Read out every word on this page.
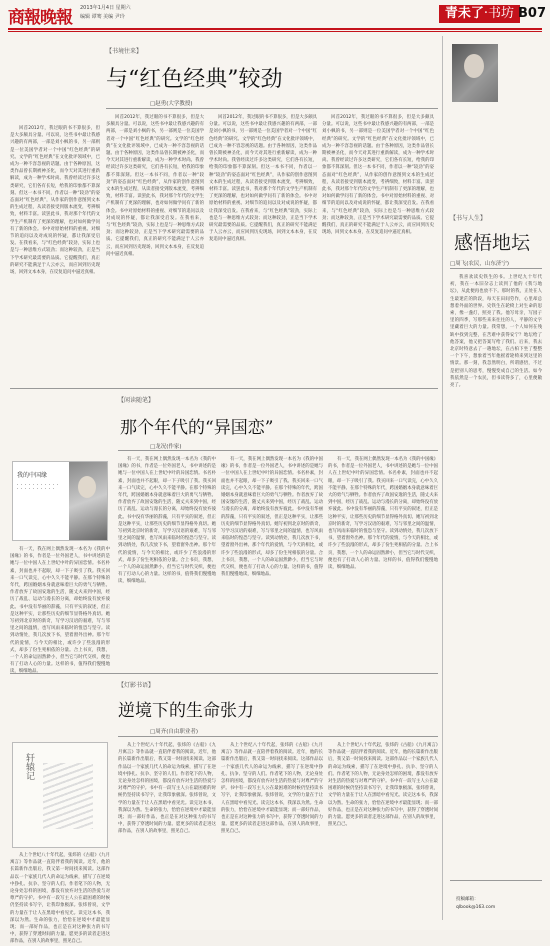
商報晚報 2013年1月4日 星期六
编辑 谭骞 美编 尹玲	青未了·书坊 B07
【书境往来】
与“红色经典”较劲
□赵勇(大学教授)
回首2012年，我过眼的书不算很多，但是大多颇具分量。可以说，这些书中最让我感兴趣的有两部，一部是刘小枫的书，另一部则是一位美国学者对一个中国“红色经典”的研究。文学的“红色经典”在文化批评领域中，已成为一种不容忽视的话题。由于各种原因，这类作品曾长期被神圣化，而今天对其进行重新解读，成为一种学术时尚。我曾经读过许多这类研究，它们各有长短，给我的印象都不算深刻。但这一本书不同，作者以一种“较劲”的姿态面对“红色经典”，从作家的创作意图到文本的生成过程，从读者接受到版本流变，考辨细致，材料丰富。读罢此书，我对那个年代的文学生产机制有了更深的理解，也对如何做学问有了新的体会。书中对原始材料的重视、对细节的追问以及对成说的怀疑，都让我深受启发。在我看来，与“红色经典”较劲，实际上也是与一种思维方式较劲；而这种较劲，正是当下学术研究最需要的品质。它提醒我们，真正的研究不能满足于人云亦云，而应回到历史现场，回到文本本身，在反复追问中逼近真相。
回首2012年，我过眼的书不算很多，但是大多颇具分量。可以说，这些书中最让我感兴趣的有两部，一部是刘小枫的书，另一部则是一位美国学者对一个中国“红色经典”的研究。文学的“红色经典”在文化批评领域中，已成为一种不容忽视的话题。由于各种原因，这类作品曾长期被神圣化，而今天对其进行重新解读，成为一种学术时尚。我曾经读过许多这类研究，它们各有长短，给我的印象都不算深刻。但这一本书不同，作者以一种“较劲”的姿态面对“红色经典”，从作家的创作意图到文本的生成过程，从读者接受到版本流变，考辨细致，材料丰富。读罢此书，我对那个年代的文学生产机制有了更深的理解，也对如何做学问有了新的体会。书中对原始材料的重视、对细节的追问以及对成说的怀疑，都让我深受启发。在我看来，与“红色经典”较劲，实际上也是与一种思维方式较劲；而这种较劲，正是当下学术研究最需要的品质。它提醒我们，真正的研究不能满足于人云亦云，而应回到历史现场，回到文本本身，在反复追问中逼近真相。
回首2012年，我过眼的书不算很多，但是大多颇具分量。可以说，这些书中最让我感兴趣的有两部，一部是刘小枫的书，另一部则是一位美国学者对一个中国“红色经典”的研究。文学的“红色经典”在文化批评领域中，已成为一种不容忽视的话题。由于各种原因，这类作品曾长期被神圣化，而今天对其进行重新解读，成为一种学术时尚。我曾经读过许多这类研究，它们各有长短，给我的印象都不算深刻。但这一本书不同，作者以一种“较劲”的姿态面对“红色经典”，从作家的创作意图到文本的生成过程，从读者接受到版本流变，考辨细致，材料丰富。读罢此书，我对那个年代的文学生产机制有了更深的理解，也对如何做学问有了新的体会。书中对原始材料的重视、对细节的追问以及对成说的怀疑，都让我深受启发。在我看来，与“红色经典”较劲，实际上也是与一种思维方式较劲；而这种较劲，正是当下学术研究最需要的品质。它提醒我们，真正的研究不能满足于人云亦云，而应回到历史现场，回到文本本身，在反复追问中逼近真相。
回首2012年，我过眼的书不算很多，但是大多颇具分量。可以说，这些书中最让我感兴趣的有两部，一部是刘小枫的书，另一部则是一位美国学者对一个中国“红色经典”的研究。文学的“红色经典”在文化批评领域中，已成为一种不容忽视的话题。由于各种原因，这类作品曾长期被神圣化，而今天对其进行重新解读，成为一种学术时尚。我曾经读过许多这类研究，它们各有长短，给我的印象都不算深刻。但这一本书不同，作者以一种“较劲”的姿态面对“红色经典”，从作家的创作意图到文本的生成过程，从读者接受到版本流变，考辨细致，材料丰富。读罢此书，我对那个年代的文学生产机制有了更深的理解，也对如何做学问有了新的体会。书中对原始材料的重视、对细节的追问以及对成说的怀疑，都让我深受启发。在我看来，与“红色经典”较劲，实际上也是与一种思维方式较劲；而这种较劲，正是当下学术研究最需要的品质。它提醒我们，真正的研究不能满足于人云亦云，而应回到历史现场，回到文本本身，在反复追问中逼近真相。
【书与人生】
感悟地坛
□周飞(农民，山东济宁)
我喜欢读史铁生的书。上世纪九十年代初，我在一本旧杂志上读到了他的《我与地坛》，从此便再也放不下。那时的我，正处在人生最迷茫的阶段，每天在田间劳作，心里却总想着外面的世界。史铁生在轮椅上对生命的思索，像一盏灯，照亮了我。他写母亲，写园子里的四季，写那些来来往往的人，平静的文字里藏着巨大的力量。我常想，一个人如何在残缺中找到完整，在苦难中获得安宁？地坛给了他答案，他又把答案写给了我们。后来，我去北京时特意去了一趟地坛，在古柏下坐了整整一个下午，想象着当年他摇着轮椅来到这里的情景。那一刻，我忽然明白，所谓感悟，不过是把别人的思考，慢慢变成自己的生活。如今我依然是一个农民，但书读得多了，心里便敞亮了。
投稿邮箱：
qlbook@163.com
【闲读随笔】
那个年代的“异国恋”
□龙况(作家)
我的中国缘
有一天，我在网上偶然发现一本名为《我的中国缘》的书，作者是一位外国老人，书中讲述的是她与一位中国人在上世纪中叶的异国恋情。书名朴素，封面也并不起眼，却一下子吸引了我。我买回来一口气读完，心中久久不能平静。在那个特殊的年代，跨国婚姻本身就意味着巨大的勇气与牺牲。作者放弃了故国安逸的生活，随丈夫来到中国，经历了战乱、运动与漫长的分离，却始终没有放弃彼此。书中没有华丽的辞藻，只有平实的叙述，但正是这种平实，让那些历史的细节显得格外真切。她写初到北京时的新奇，写学习汉语的艰难，写与邻里之间的温情，也写风雨来临时的惶恐与坚守。读到动情处，我几次放下书，望着窗外出神。那个年代的爱情，与今天的相比，或许少了些浪漫的形式，却多了份生死相依的分量。合上书页，我想，一个人的命运固然渺小，但当它与时代交织，便也有了打动人心的力量。这样的书，值得我们慢慢地读，细细地品。
有一天，我在网上偶然发现一本名为《我的中国缘》的书，作者是一位外国老人，书中讲述的是她与一位中国人在上世纪中叶的异国恋情。书名朴素，封面也并不起眼，却一下子吸引了我。我买回来一口气读完，心中久久不能平静。在那个特殊的年代，跨国婚姻本身就意味着巨大的勇气与牺牲。作者放弃了故国安逸的生活，随丈夫来到中国，经历了战乱、运动与漫长的分离，却始终没有放弃彼此。书中没有华丽的辞藻，只有平实的叙述，但正是这种平实，让那些历史的细节显得格外真切。她写初到北京时的新奇，写学习汉语的艰难，写与邻里之间的温情，也写风雨来临时的惶恐与坚守。读到动情处，我几次放下书，望着窗外出神。那个年代的爱情，与今天的相比，或许少了些浪漫的形式，却多了份生死相依的分量。合上书页，我想，一个人的命运固然渺小，但当它与时代交织，便也有了打动人心的力量。这样的书，值得我们慢慢地读，细细地品。
有一天，我在网上偶然发现一本名为《我的中国缘》的书，作者是一位外国老人，书中讲述的是她与一位中国人在上世纪中叶的异国恋情。书名朴素，封面也并不起眼，却一下子吸引了我。我买回来一口气读完，心中久久不能平静。在那个特殊的年代，跨国婚姻本身就意味着巨大的勇气与牺牲。作者放弃了故国安逸的生活，随丈夫来到中国，经历了战乱、运动与漫长的分离，却始终没有放弃彼此。书中没有华丽的辞藻，只有平实的叙述，但正是这种平实，让那些历史的细节显得格外真切。她写初到北京时的新奇，写学习汉语的艰难，写与邻里之间的温情，也写风雨来临时的惶恐与坚守。读到动情处，我几次放下书，望着窗外出神。那个年代的爱情，与今天的相比，或许少了些浪漫的形式，却多了份生死相依的分量。合上书页，我想，一个人的命运固然渺小，但当它与时代交织，便也有了打动人心的力量。这样的书，值得我们慢慢地读，细细地品。
有一天，我在网上偶然发现一本名为《我的中国缘》的书，作者是一位外国老人，书中讲述的是她与一位中国人在上世纪中叶的异国恋情。书名朴素，封面也并不起眼，却一下子吸引了我。我买回来一口气读完，心中久久不能平静。在那个特殊的年代，跨国婚姻本身就意味着巨大的勇气与牺牲。作者放弃了故国安逸的生活，随丈夫来到中国，经历了战乱、运动与漫长的分离，却始终没有放弃彼此。书中没有华丽的辞藻，只有平实的叙述，但正是这种平实，让那些历史的细节显得格外真切。她写初到北京时的新奇，写学习汉语的艰难，写与邻里之间的温情，也写风雨来临时的惶恐与坚守。读到动情处，我几次放下书，望着窗外出神。那个年代的爱情，与今天的相比，或许少了些浪漫的形式，却多了份生死相依的分量。合上书页，我想，一个人的命运固然渺小，但当它与时代交织，便也有了打动人心的力量。这样的书，值得我们慢慢地读，细细地品。
【灯影书语】
逆境下的生命张力
□周齐(自由职业者)
轩辕记
从上个世纪八十年代起，张炜的《古船》《九月寓言》等作品就一直陪伴着我的阅读。近年，他的长篇新作出版后，我又第一时间找来阅读。这部作品以一个家族几代人的命运为线索，描写了在逆境中挣扎、抗争、坚守的人们。作者笔下的人物，无论身处怎样的困境，都没有放弃对生活的热爱与对尊严的守护。书中有一段写主人公在最困难的时候仍坚持读书写字，让我印象极深。张炜曾说，文学的力量在于让人在黑暗中看见光。读完这本书，我深以为然。生命的张力，恰恰在逆境中才最能显现；而一部好作品，也正是在对这种张力的书写中，获得了穿透时间的力量。愿更多的读者走进这部作品，在别人的故事里，照见自己。
从上个世纪八十年代起，张炜的《古船》《九月寓言》等作品就一直陪伴着我的阅读。近年，他的长篇新作出版后，我又第一时间找来阅读。这部作品以一个家族几代人的命运为线索，描写了在逆境中挣扎、抗争、坚守的人们。作者笔下的人物，无论身处怎样的困境，都没有放弃对生活的热爱与对尊严的守护。书中有一段写主人公在最困难的时候仍坚持读书写字，让我印象极深。张炜曾说，文学的力量在于让人在黑暗中看见光。读完这本书，我深以为然。生命的张力，恰恰在逆境中才最能显现；而一部好作品，也正是在对这种张力的书写中，获得了穿透时间的力量。愿更多的读者走进这部作品，在别人的故事里，照见自己。
从上个世纪八十年代起，张炜的《古船》《九月寓言》等作品就一直陪伴着我的阅读。近年，他的长篇新作出版后，我又第一时间找来阅读。这部作品以一个家族几代人的命运为线索，描写了在逆境中挣扎、抗争、坚守的人们。作者笔下的人物，无论身处怎样的困境，都没有放弃对生活的热爱与对尊严的守护。书中有一段写主人公在最困难的时候仍坚持读书写字，让我印象极深。张炜曾说，文学的力量在于让人在黑暗中看见光。读完这本书，我深以为然。生命的张力，恰恰在逆境中才最能显现；而一部好作品，也正是在对这种张力的书写中，获得了穿透时间的力量。愿更多的读者走进这部作品，在别人的故事里，照见自己。
从上个世纪八十年代起，张炜的《古船》《九月寓言》等作品就一直陪伴着我的阅读。近年，他的长篇新作出版后，我又第一时间找来阅读。这部作品以一个家族几代人的命运为线索，描写了在逆境中挣扎、抗争、坚守的人们。作者笔下的人物，无论身处怎样的困境，都没有放弃对生活的热爱与对尊严的守护。书中有一段写主人公在最困难的时候仍坚持读书写字，让我印象极深。张炜曾说，文学的力量在于让人在黑暗中看见光。读完这本书，我深以为然。生命的张力，恰恰在逆境中才最能显现；而一部好作品，也正是在对这种张力的书写中，获得了穿透时间的力量。愿更多的读者走进这部作品，在别人的故事里，照见自己。
